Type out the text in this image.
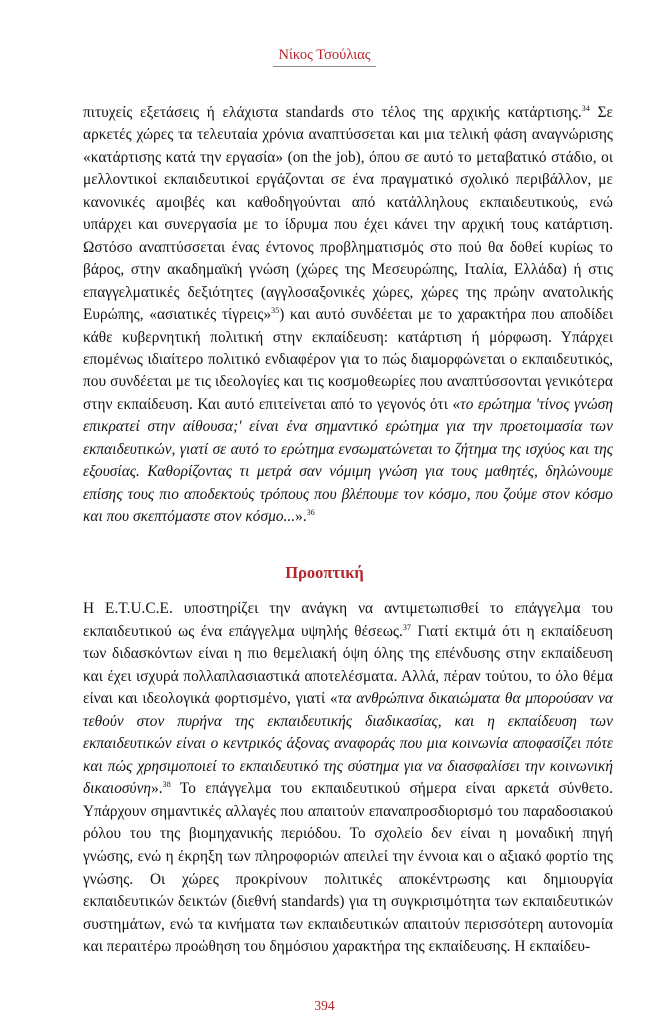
Νίκος Τσούλιας

πιτυχείς εξετάσεις ή ελάχιστα standards στο τέλος της αρχικής κατάρτισης.$^{34}$ Σε αρκετές χώρες τα τελευταία χρόνια αναπτύσσεται και μια τελική φάση αναγνώρισης «κατάρτισης κατά την εργασία» (on the job), όπου σε αυτό το μεταβατικό στάδιο, οι μελλοντικοί εκπαιδευτικοί εργάζονται σε ένα πραγματικό σχολικό περιβάλλον, με κανονικές αμοιβές και καθοδηγούνται από κατάλληλους εκπαιδευτικούς, ενώ υπάρχει και συνεργασία με το ίδρυμα που έχει κάνει την αρχική τους κατάρτιση. Ωστόσο αναπτύσσεται ένας έντονος προβληματισμός στο πού θα δοθεί κυρίως το βάρος, στην ακαδημαϊκή γνώση (χώρες της Μεσευρώπης, Ιταλία, Ελλάδα) ή στις επαγγελματικές δεξιότητες (αγγλοσαξονικές χώρες, χώρες της πρώην ανατολικής Ευρώπης, «ασιατικές τίγρεις»$^{35}$) και αυτό συνδέεται με το χαρακτήρα που αποδίδει κάθε κυβερνητική πολιτική στην εκπαίδευση: κατάρτιση ή μόρφωση. Υπάρχει επομένως ιδιαίτερο πολιτικό ενδιαφέρον για το πώς διαμορφώνεται ο εκπαιδευτικός, που συνδέεται με τις ιδεολογίες και τις κοσμοθεωρίες που αναπτύσσονται γενικότερα στην εκπαίδευση. Και αυτό επιτείνεται από το γεγονός ότι «το ερώτημα 'τίνος γνώση επικρατεί στην αίθουσα;' είναι ένα σημαντικό ερώτημα για την προετοιμασία των εκπαιδευτικών, γιατί σε αυτό το ερώτημα ενσωματώνεται το ζήτημα της ισχύος και της εξουσίας. Καθορίζοντας τι μετρά σαν νόμιμη γνώση για τους μαθητές, δηλώνουμε επίσης τους πιο αποδεκτούς τρόπους που βλέπουμε τον κόσμο, που ζούμε στον κόσμο και που σκεπτόμαστε στον κόσμο...».$^{36}$

Προοπτική

Η E.T.U.C.E. υποστηρίζει την ανάγκη να αντιμετωπισθεί το επάγγελμα του εκπαιδευτικού ως ένα επάγγελμα υψηλής θέσεως.$^{37}$ Γιατί εκτιμά ότι η εκπαίδευση των διδασκόντων είναι η πιο θεμελιακή όψη όλης της επένδυσης στην εκπαίδευση και έχει ισχυρά πολλαπλασιαστικά αποτελέσματα. Αλλά, πέραν τούτου, το όλο θέμα είναι και ιδεολογικά φορτισμένο, γιατί «τα ανθρώπινα δικαιώματα θα μπορούσαν να τεθούν στον πυρήνα της εκπαιδευτικής διαδικασίας, και η εκπαίδευση των εκπαιδευτικών είναι ο κεντρικός άξονας αναφοράς που μια κοινωνία αποφασίζει πότε και πώς χρησιμοποιεί το εκπαιδευτικό της σύστημα για να διασφαλίσει την κοινωνική δικαιοσύνη».$^{38}$ Το επάγγελμα του εκπαιδευτικού σήμερα είναι αρκετά σύνθετο. Υπάρχουν σημαντικές αλλαγές που απαιτούν επαναπροσδιορισμό του παραδοσιακού ρόλου του της βιομηχανικής περιόδου. Το σχολείο δεν είναι η μοναδική πηγή γνώσης, ενώ η έκρηξη των πληροφοριών απειλεί την έννοια και ο αξιακό φορτίο της γνώσης. Οι χώρες προκρίνουν πολιτικές αποκέντρωσης και δημιουργία εκπαιδευτικών δεικτών (διεθνή standards) για τη συγκρισιμότητα των εκπαιδευτικών συστημάτων, ενώ τα κινήματα των εκπαιδευτικών απαιτούν περισσότερη αυτονομία και περαιτέρω προώθηση του δημόσιου χαρακτήρα της εκπαίδευσης. Η εκπαίδευ-

394
